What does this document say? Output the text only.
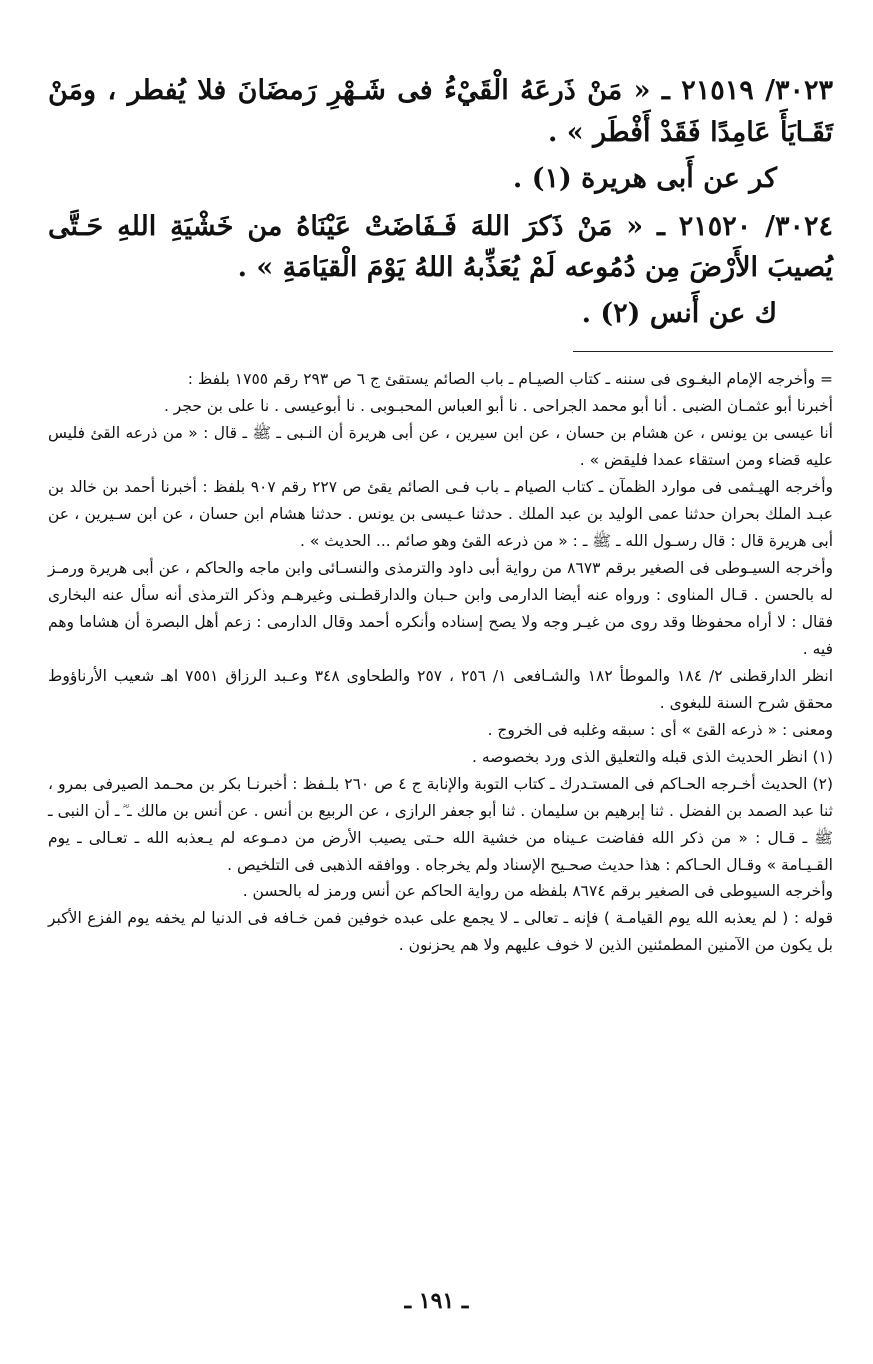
٣٠٢٣/ ٢١٥١٩ ـ « مَنْ ذَرعَهُ الْقَيْءُ فى شَـهْرِ رَمضَانَ فلا يُفطر ، ومَنْ تَقَـايَأَ عَامِدًا فَقَدْ أَفْطَر » .

كر عن أَبى هريرة (١) .

٣٠٢٤/ ٢١٥٢٠ ـ « مَنْ ذَكرَ اللهَ فَـفَاضَتْ عَيْنَاهُ من خَشْيَةِ اللهِ حَـتَّى يُصيبَ الأَرْضَ مِن دُمُوعه لَمْ يُعَذِّبهُ اللهُ يَوْمَ الْقيَامَةِ » .

ك عن أَنس (٢) .

= وأخرجه الإمام البغـوى فى سننه ـ كتاب الصيـام ـ باب الصائم يستقئ ج ٦ ص ٢٩٣ رقم ١٧٥٥ بلفظ :

أخبرنا أبو عثمـان الضبى . أنا أبو محمد الجراحى . نا أبو العباس المحبـوبى . نا أبوعيسى . نا على بن حجر .

أنا عيسى بن يونس ، عن هشام بن حسان ، عن ابن سيرين ، عن أبى هريرة أن النـبى ـ ﷺ ـ قال : « من ذرعه القئ فليس عليه قضاء ومن استقاء عمدا فليقض » .

وأخرجه الهيـثمى فى موارد الظمآن ـ كتاب الصيام ـ باب فـى الصائم يقئ ص ٢٢٧ رقم ٩٠٧ بلفظ : أخبرنا أحمد بن خالد بن عبـد الملك بحران حدثنا عمى الوليد بن عبد الملك . حدثنا عـيسى بن يونس . حدثنا هشام ابن حسان ، عن ابن سـيرين ، عن أبى هريرة قال : قال رسـول الله ـ ﷺ ـ : « من ذرعه القئ وهو صائم ... الحديث » .

وأخرجه السيـوطى فى الصغير برقم ٨٦٧٣ من رواية أبى داود والترمذى والنسـائى وابن ماجه والحاكم ، عن أبى هريرة ورمـز له بالحسن . قـال المناوى : ورواه عنه أيضا الدارمى وابن حـبان والدارقطـنى وغيرهـم وذكر الترمذى أنه سأل عنه البخارى فقال : لا أراه محفوظا وقد روى من غيـر وجه ولا يصح إسناده وأنكره أحمد وقال الدارمى : زعم أهل البصرة أن هشاما وهم فيه .

انظر الدارقطنى ٢/ ١٨٤ والموطأ ١٨٢ والشـافعى ١/ ٢٥٦ ، ٢٥٧ والطحاوى ٣٤٨ وعـبد الرزاق ٧٥٥١ اهـ شعيب الأرناؤوط محقق شرح السنة للبغوى .

ومعنى : « ذرعه القئ » أى : سبقه وغلبه فى الخروج .

(١) انظر الحديث الذى قبله والتعليق الذى ورد بخصوصه .

(٢) الحديث أخـرجه الحـاكم فى المستـدرك ـ كتاب التوبة والإنابة ج ٤ ص ٢٦٠ بلـفظ : أخبرنـا بكر بن محـمد الصيرفى بمرو ، ثنا عبد الصمد بن الفضل . ثنا إبرهيم بن سليمان . ثنا أبو جعفر الرازى ، عن الربيع بن أنس . عن أنس بن مالك ـ ؓ ـ أن النبى ـ ﷺ ـ قـال : « من ذكر الله ففاضت عـيناه من خشية الله حـتى يصيب الأرض من دمـوعه لم يـعذبه الله ـ تعـالى ـ يوم القـيـامة » وقـال الحـاكم : هذا حديث صحـيح الإسناد ولم يخرجاه . ووافقه الذهبى فى التلخيص .

وأخرجه السيوطى فى الصغير برقم ٨٦٧٤ بلفظه من رواية الحاكم عن أنس ورمز له بالحسن .

قوله : ( لم يعذبه الله يوم القيامـة ) فإنه ـ تعالى ـ لا يجمع على عبده خوفين فمن خـافه فى الدنيا لم يخفه يوم الفزع الأكبر بل يكون من الآمنين المطمئنين الذين لا خوف عليهم ولا هم يحزنون .

ـ ١٩١ ـ
